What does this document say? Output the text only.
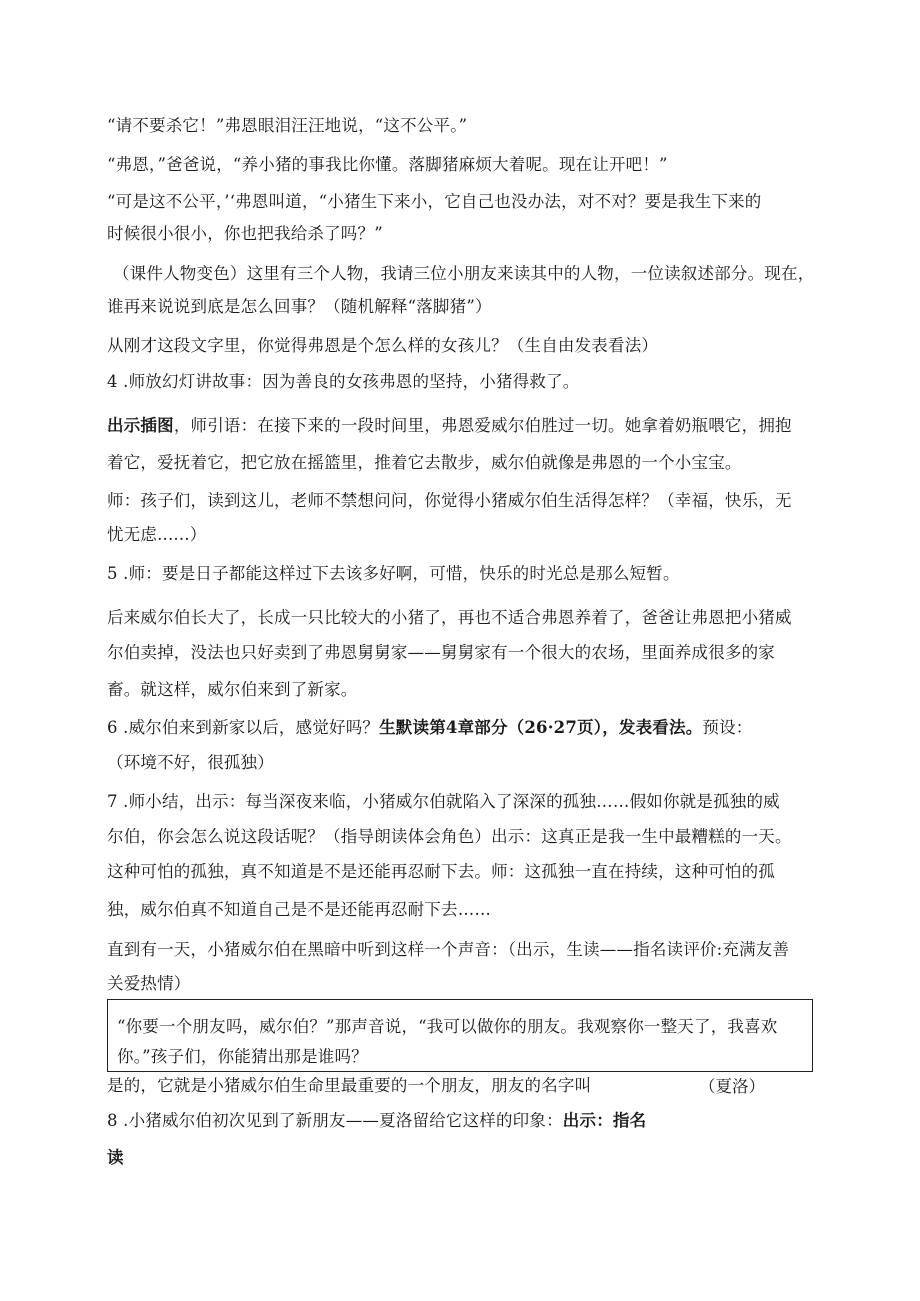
“请不要杀它！”弗恩眼泪汪汪地说，“这不公平。”
“弗恩，”爸爸说，“养小猪的事我比你懂。落脚猪麻烦大着呢。现在让开吧！”
“可是这不公平，’‘弗恩叫道，“小猪生下来小，它自己也没办法，对不对？要是我生下来的
时候很小很小，你也把我给杀了吗？”
（课件人物变色）这里有三个人物，我请三位小朋友来读其中的人物，一位读叙述部分。现在，
谁再来说说到底是怎么回事？（随机解释“落脚猪”）
从刚才这段文字里，你觉得弗恩是个怎么样的女孩儿？（生自由发表看法）
4 .师放幻灯讲故事：因为善良的女孩弗恩的坚持，小猪得救了。
出示插图，师引语：在接下来的一段时间里，弗恩爱威尔伯胜过一切。她拿着奶瓶喂它，拥抱
着它，爱抚着它，把它放在摇篮里，推着它去散步，威尔伯就像是弗恩的一个小宝宝。
师：孩子们，读到这儿，老师不禁想问问，你觉得小猪威尔伯生活得怎样？（幸福，快乐，无
忧无虑......）
5 .师：要是日子都能这样过下去该多好啊，可惜，快乐的时光总是那么短暂。
后来威尔伯长大了，长成一只比较大的小猪了，再也不适合弗恩养着了，爸爸让弗恩把小猪威
尔伯卖掉，没法也只好卖到了弗恩舅舅家——舅舅家有一个很大的农场，里面养成很多的家
畜。就这样，威尔伯来到了新家。
6 .威尔伯来到新家以后，感觉好吗？生默读第4章部分（26·27页），发表看法。预设：
（环境不好，很孤独）
7 .师小结，出示：每当深夜来临，小猪威尔伯就陷入了深深的孤独……假如你就是孤独的威
尔伯，你会怎么说这段话呢？（指导朗读体会角色）出示：这真正是我一生中最糟糕的一天。
这种可怕的孤独，真不知道是不是还能再忍耐下去。师：这孤独一直在持续，这种可怕的孤
独，威尔伯真不知道自己是不是还能再忍耐下去……
直到有一天，小猪威尔伯在黑暗中听到这样一个声音：（出示，生读——指名读评价:充满友善
关爱热情）
“你要一个朋友吗，威尔伯？”那声音说，“我可以做你的朋友。我观察你一整天了，我喜欢
你。”孩子们，你能猜出那是谁吗？
是的，它就是小猪威尔伯生命里最重要的一个朋友，朋友的名字叫	（夏洛）
8 .小猪威尔伯初次见到了新朋友——夏洛留给它这样的印象：出示：指名
读
